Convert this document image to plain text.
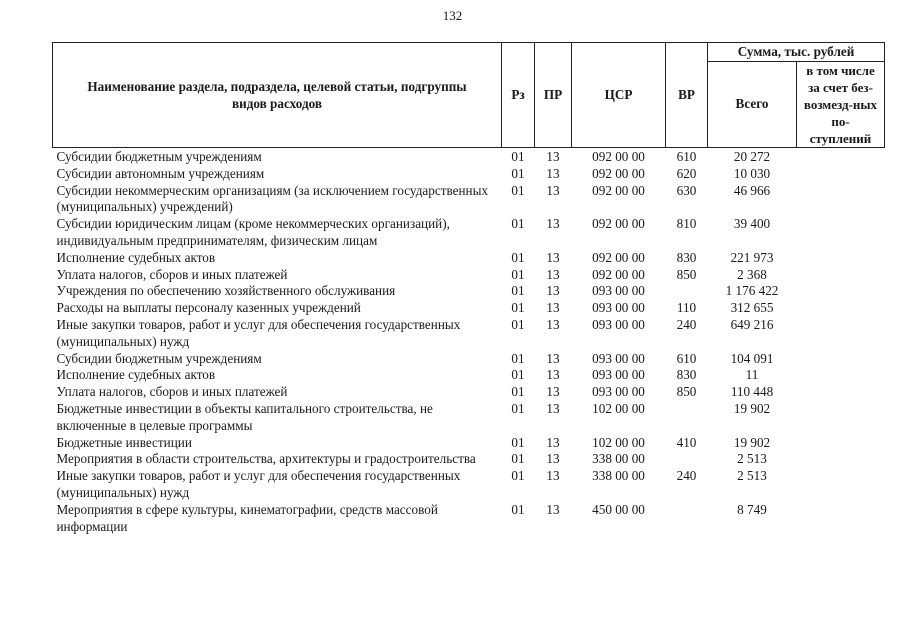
132
Наименование раздела, подраздела, целевой статьи, подгруппы видов расходов	Рз	ПР	ЦСР	ВР	Сумма, тыс. рублей	
					Всего	в том числе за счет без-возмезд-ных по-ступлений
Субсидии бюджетным учреждениям	01	13	092 00 00	610	20 272	
Субсидии автономным учреждениям	01	13	092 00 00	620	10 030	
Субсидии некоммерческим организациям (за исключением государственных (муниципальных) учреждений)	01	13	092 00 00	630	46 966	
Субсидии юридическим лицам (кроме некоммерческих организаций), индивидуальным предпринимателям, физическим лицам	01	13	092 00 00	810	39 400	
Исполнение судебных актов	01	13	092 00 00	830	221 973	
Уплата налогов, сборов и иных платежей	01	13	092 00 00	850	2 368	
Учреждения по обеспечению хозяйственного обслуживания	01	13	093 00 00		1 176 422	
Расходы на выплаты персоналу казенных учреждений	01	13	093 00 00	110	312 655	
Иные закупки товаров, работ и услуг для обеспечения государственных (муниципальных) нужд	01	13	093 00 00	240	649 216	
Субсидии бюджетным учреждениям	01	13	093 00 00	610	104 091	
Исполнение судебных актов	01	13	093 00 00	830	11	
Уплата налогов, сборов и иных платежей	01	13	093 00 00	850	110 448	
Бюджетные инвестиции в объекты капитального строительства, не включенные в целевые программы	01	13	102 00 00		19 902	
Бюджетные инвестиции	01	13	102 00 00	410	19 902	
Мероприятия в области строительства, архитектуры и градостроительства	01	13	338 00 00		2 513	
Иные закупки товаров, работ и услуг для обеспечения государственных (муниципальных) нужд	01	13	338 00 00	240	2 513	
Мероприятия в сфере культуры, кинематографии, средств массовой информации	01	13	450 00 00		8 749	
